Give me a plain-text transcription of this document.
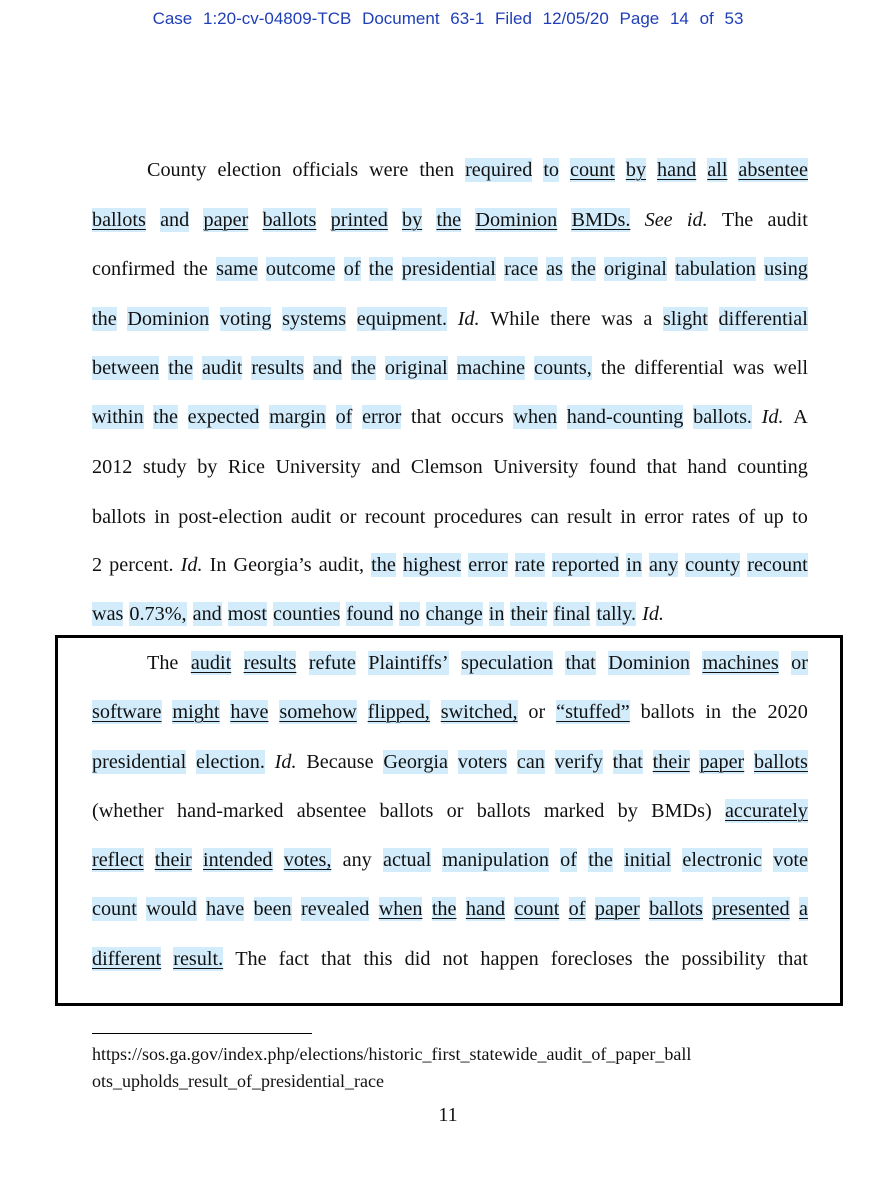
Case 1:20-cv-04809-TCB Document 63-1 Filed 12/05/20 Page 14 of 53
County election officials were then required to count by hand all absentee
ballots and paper ballots printed by the Dominion BMDs. See id. The audit
confirmed the same outcome of the presidential race as the original tabulation using
the Dominion voting systems equipment. Id. While there was a slight differential
between the audit results and the original machine counts, the differential was well
within the expected margin of error that occurs when hand-counting ballots. Id. A
2012 study by Rice University and Clemson University found that hand counting
ballots in post-election audit or recount procedures can result in error rates of up to
2 percent. Id. In Georgia’s audit, the highest error rate reported in any county recount
was 0.73%, and most counties found no change in their final tally. Id.
The audit results refute Plaintiffs’ speculation that Dominion machines or
software might have somehow flipped, switched, or “stuffed” ballots in the 2020
presidential election. Id. Because Georgia voters can verify that their paper ballots
(whether hand-marked absentee ballots or ballots marked by BMDs) accurately
reflect their intended votes, any actual manipulation of the initial electronic vote
count would have been revealed when the hand count of paper ballots presented a
different result. The fact that this did not happen forecloses the possibility that
https://sos.ga.gov/index.php/elections/historic_first_statewide_audit_of_paper_ball
ots_upholds_result_of_presidential_race
11
